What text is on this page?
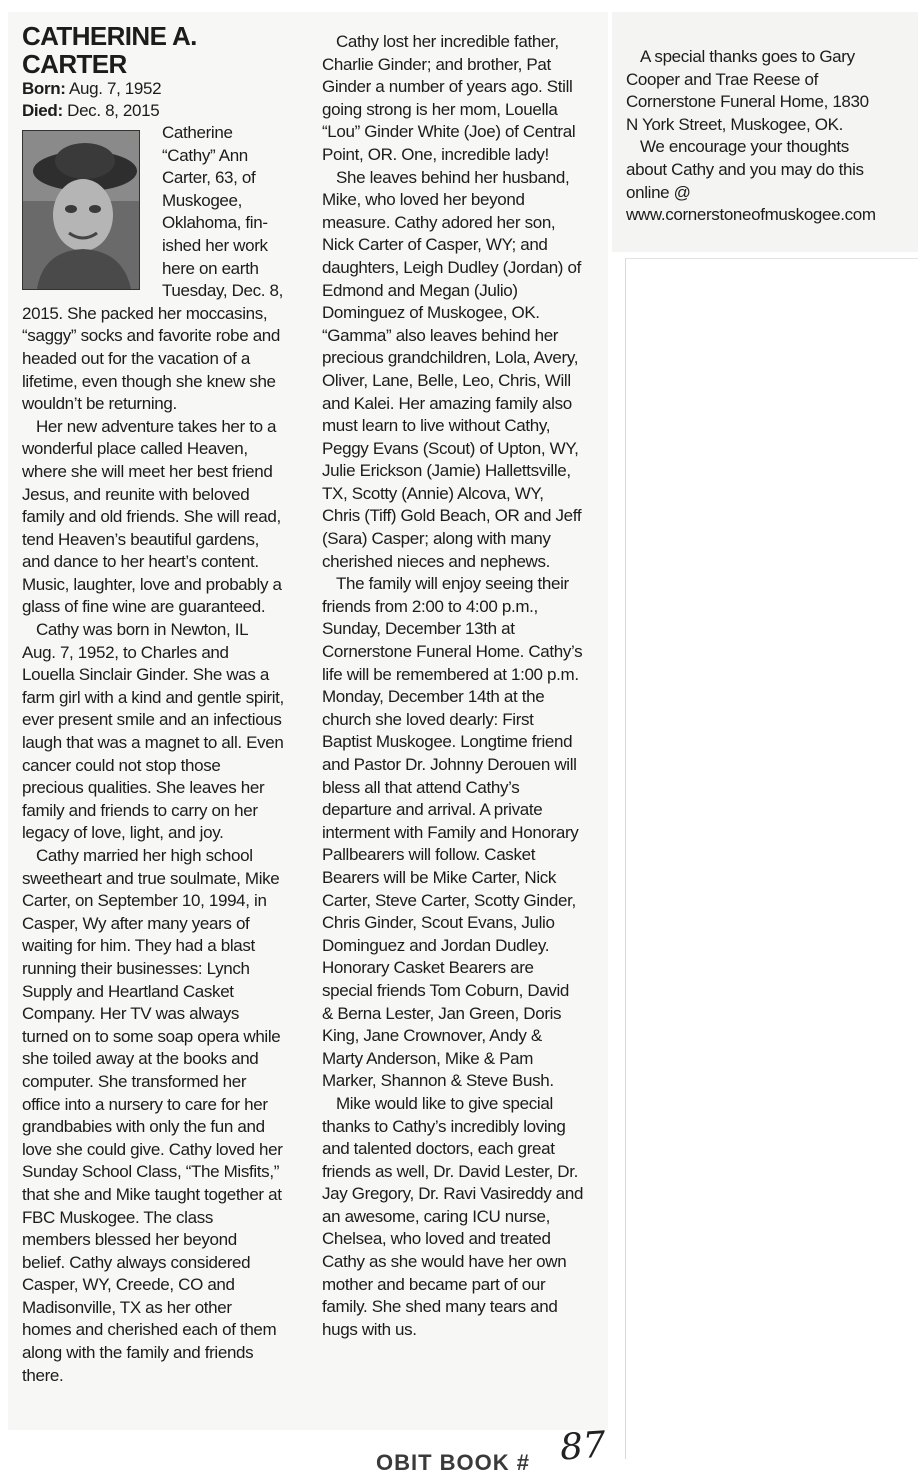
CATHERINE A. CARTER
Born: Aug. 7, 1952
Died: Dec. 8, 2015

Catherine

“Cathy” Ann

Carter, 63, of

Muskogee,

Oklahoma, fin-

ished her work

here on earth

Tuesday, Dec. 8,

2015. She packed her moccasins, “saggy” socks and favorite robe and headed out for the vacation of a lifetime, even though she knew she wouldn’t be returning.

Her new adventure takes her to a wonderful place called Heaven, where she will meet her best friend Jesus, and reunite with beloved family and old friends. She will read, tend Heaven’s beautiful gardens, and dance to her heart’s content. Music, laughter, love and probably a glass of fine wine are guaranteed.

Cathy was born in Newton, IL Aug. 7, 1952, to Charles and Louella Sinclair Ginder. She was a farm girl with a kind and gentle spirit, ever present smile and an infectious laugh that was a magnet to all. Even cancer could not stop those precious qualities. She leaves her family and friends to carry on her legacy of love, light, and joy.

Cathy married her high school sweetheart and true soulmate, Mike Carter, on September 10, 1994, in Casper, Wy after many years of waiting for him. They had a blast running their businesses: Lynch Supply and Heartland Casket Company. Her TV was always turned on to some soap opera while she toiled away at the books and computer. She transformed her office into a nursery to care for her grandbabies with only the fun and love she could give. Cathy loved her Sunday School Class, “The Misfits,” that she and Mike taught together at FBC Muskogee. The class members blessed her beyond belief. Cathy always considered Casper, WY, Creede, CO and Madisonville, TX as her other homes and cherished each of them along with the family and friends there.

Cathy lost her incredible father, Charlie Ginder; and brother, Pat Ginder a number of years ago. Still going strong is her mom, Louella “Lou” Ginder White (Joe) of Central Point, OR. One, incredible lady!

She leaves behind her husband, Mike, who loved her beyond measure. Cathy adored her son, Nick Carter of Casper, WY; and daughters, Leigh Dudley (Jordan) of Edmond and Megan (Julio) Dominguez of Muskogee, OK. “Gamma” also leaves behind her precious grandchildren, Lola, Avery, Oliver, Lane, Belle, Leo, Chris, Will and Kalei. Her amazing family also must learn to live without Cathy, Peggy Evans (Scout) of Upton, WY, Julie Erickson (Jamie) Hallettsville, TX, Scotty (Annie) Alcova, WY, Chris (Tiff) Gold Beach, OR and Jeff (Sara) Casper; along with many cherished nieces and nephews.

The family will enjoy seeing their friends from 2:00 to 4:00 p.m., Sunday, December 13th at Cornerstone Funeral Home. Cathy’s life will be remembered at 1:00 p.m. Monday, December 14th at the church she loved dearly: First Baptist Muskogee. Longtime friend and Pastor Dr. Johnny Derouen will bless all that attend Cathy’s departure and arrival. A private interment with Family and Honorary Pallbearers will follow. Casket Bearers will be Mike Carter, Nick Carter, Steve Carter, Scotty Ginder, Chris Ginder, Scout Evans, Julio Dominguez and Jordan Dudley. Honorary Casket Bearers are special friends Tom Coburn, David & Berna Lester, Jan Green, Doris King, Jane Crownover, Andy & Marty Anderson, Mike & Pam Marker, Shannon & Steve Bush.

Mike would like to give special thanks to Cathy’s incredibly loving and talented doctors, each great friends as well, Dr. David Lester, Dr. Jay Gregory, Dr. Ravi Vasireddy and an awesome, caring ICU nurse, Chelsea, who loved and treated Cathy as she would have her own mother and became part of our family. She shed many tears and hugs with us.

A special thanks goes to Gary Cooper and Trae Reese of Cornerstone Funeral Home, 1830 N York Street, Muskogee, OK.

We encourage your thoughts about Cathy and you may do this online @ www.cornerstoneofmuskogee.com

OBIT BOOK # 87
